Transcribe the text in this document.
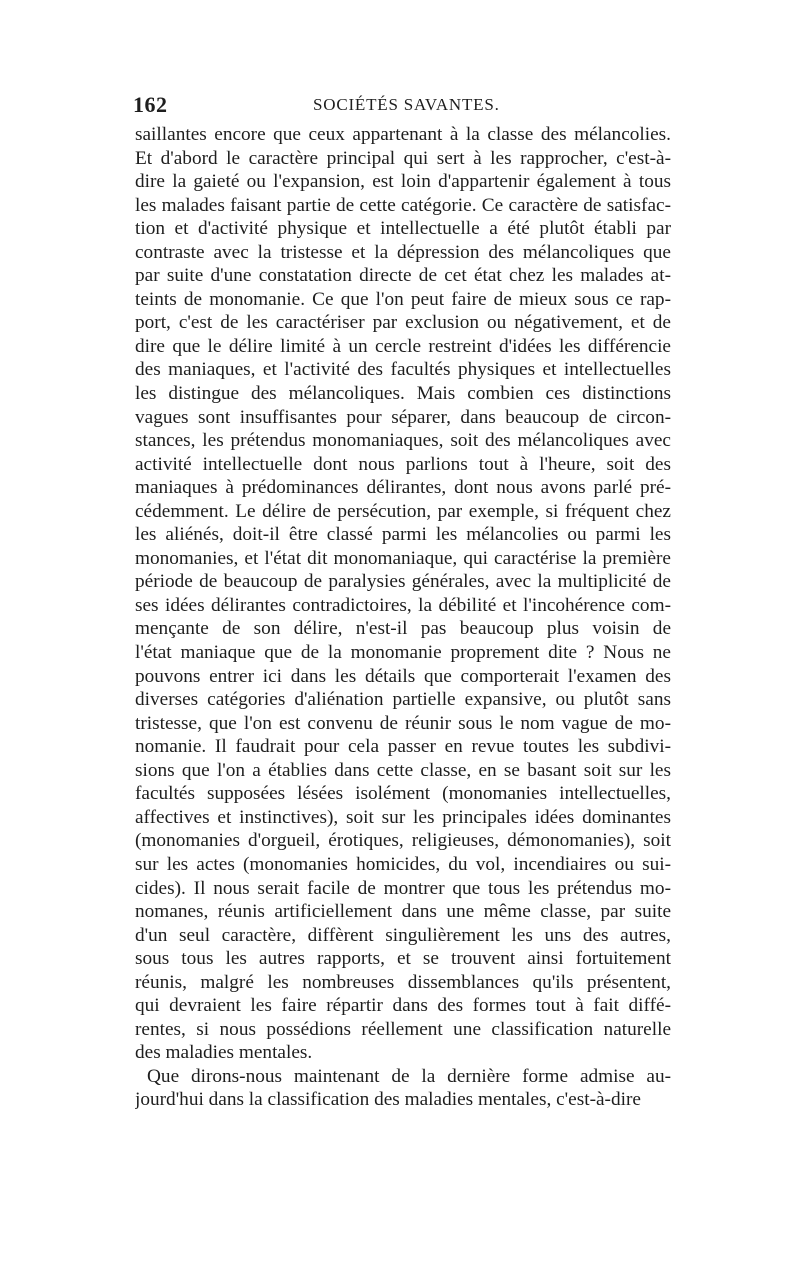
162	SOCIÉTÉS SAVANTES.
saillantes encore que ceux appartenant à la classe des mélancolies.
Et d'abord le caractère principal qui sert à les rapprocher, c'est-à-
dire la gaieté ou l'expansion, est loin d'appartenir également à tous
les malades faisant partie de cette catégorie. Ce caractère de satisfac-
tion et d'activité physique et intellectuelle a été plutôt établi par
contraste avec la tristesse et la dépression des mélancoliques que
par suite d'une constatation directe de cet état chez les malades at-
teints de monomanie. Ce que l'on peut faire de mieux sous ce rap-
port, c'est de les caractériser par exclusion ou négativement, et de
dire que le délire limité à un cercle restreint d'idées les différencie
des maniaques, et l'activité des facultés physiques et intellectuelles
les distingue des mélancoliques. Mais combien ces distinctions
vagues sont insuffisantes pour séparer, dans beaucoup de circon-
stances, les prétendus monomaniaques, soit des mélancoliques avec
activité intellectuelle dont nous parlions tout à l'heure, soit des
maniaques à prédominances délirantes, dont nous avons parlé pré-
cédemment. Le délire de persécution, par exemple, si fréquent chez
les aliénés, doit-il être classé parmi les mélancolies ou parmi les
monomanies, et l'état dit monomaniaque, qui caractérise la première
période de beaucoup de paralysies générales, avec la multiplicité de
ses idées délirantes contradictoires, la débilité et l'incohérence com-
mençante de son délire, n'est-il pas beaucoup plus voisin de
l'état maniaque que de la monomanie proprement dite ? Nous ne
pouvons entrer ici dans les détails que comporterait l'examen des
diverses catégories d'aliénation partielle expansive, ou plutôt sans
tristesse, que l'on est convenu de réunir sous le nom vague de mo-
nomanie. Il faudrait pour cela passer en revue toutes les subdivi-
sions que l'on a établies dans cette classe, en se basant soit sur les
facultés supposées lésées isolément (monomanies intellectuelles,
affectives et instinctives), soit sur les principales idées dominantes
(monomanies d'orgueil, érotiques, religieuses, démonomanies), soit
sur les actes (monomanies homicides, du vol, incendiaires ou sui-
cides). Il nous serait facile de montrer que tous les prétendus mo-
nomanes, réunis artificiellement dans une même classe, par suite
d'un seul caractère, diffèrent singulièrement les uns des autres,
sous tous les autres rapports, et se trouvent ainsi fortuitement
réunis, malgré les nombreuses dissemblances qu'ils présentent,
qui devraient les faire répartir dans des formes tout à fait diffé-
rentes, si nous possédions réellement une classification naturelle
des maladies mentales.
Que dirons-nous maintenant de la dernière forme admise au-
jourd'hui dans la classification des maladies mentales, c'est-à-dire
